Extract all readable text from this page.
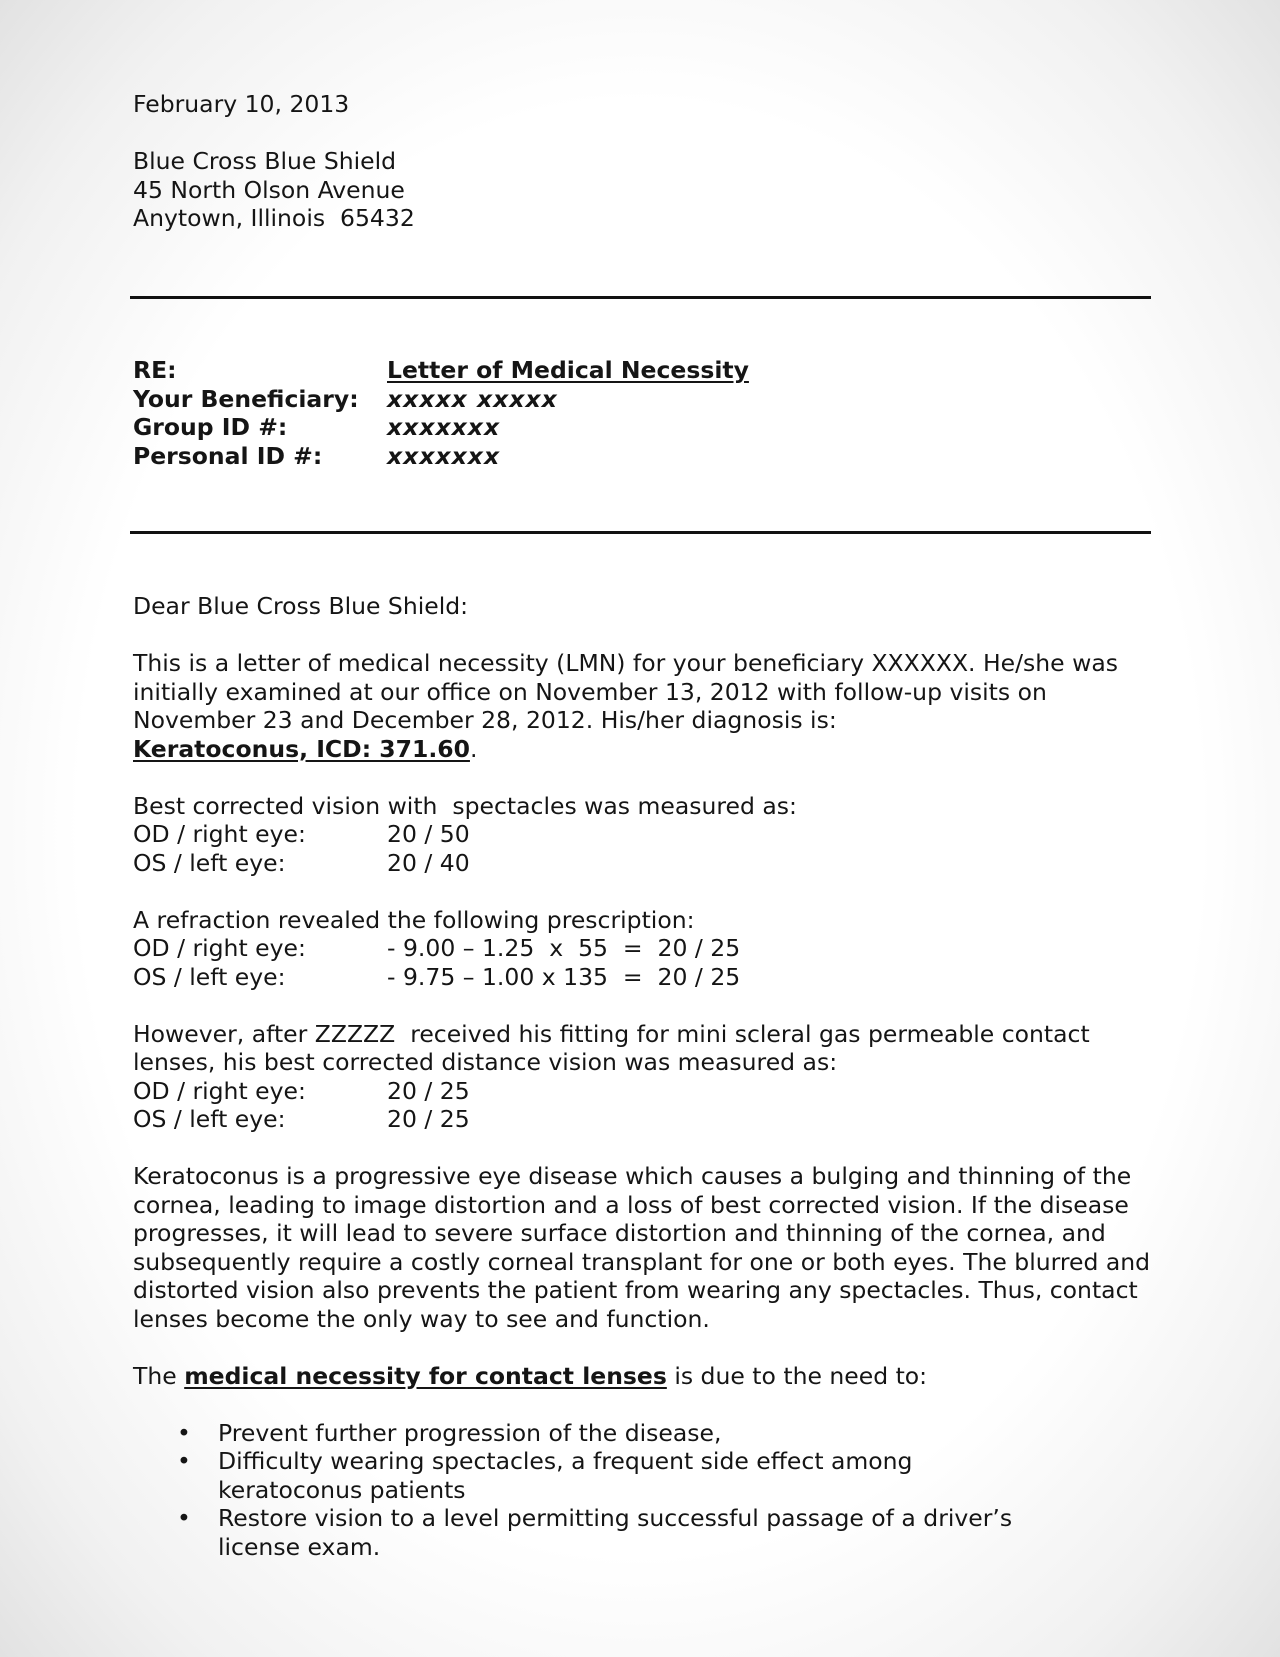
February 10, 2013
Blue Cross Blue Shield
45 North Olson Avenue
Anytown, Illinois  65432
RE:	Letter of Medical Necessity
Your Beneficiary:	xxxxx xxxxx
Group ID #:	xxxxxxx
Personal ID #:	xxxxxxx

Dear Blue Cross Blue Shield:

This is a letter of medical necessity (LMN) for your beneficiary XXXXXX. He/she was initially examined at our office on November 13, 2012 with follow-up visits on November 23 and December 28, 2012. His/her diagnosis is:
Keratoconus, ICD: 371.60.

Best corrected vision with  spectacles was measured as:
OD / right eye:	20 / 50
OS / left eye:	20 / 40
A refraction revealed the following prescription:
OD / right eye:	- 9.00 – 1.25  x  55  =  20 / 25
OS / left eye:	- 9.75 – 1.00 x 135  =  20 / 25

However, after ZZZZZ  received his fitting for mini scleral gas permeable contact lenses, his best corrected distance vision was measured as:

OD / right eye:	20 / 25
OS / left eye:	20 / 25

Keratoconus is a progressive eye disease which causes a bulging and thinning of the cornea, leading to image distortion and a loss of best corrected vision. If the disease progresses, it will lead to severe surface distortion and thinning of the cornea, and subsequently require a costly corneal transplant for one or both eyes. The blurred and distorted vision also prevents the patient from wearing any spectacles. Thus, contact lenses become the only way to see and function.

The medical necessity for contact lenses is due to the need to:

• Prevent further progression of the disease,
• Difficulty wearing spectacles, a frequent side effect among keratoconus patients
• Restore vision to a level permitting successful passage of a driver’s license exam.
